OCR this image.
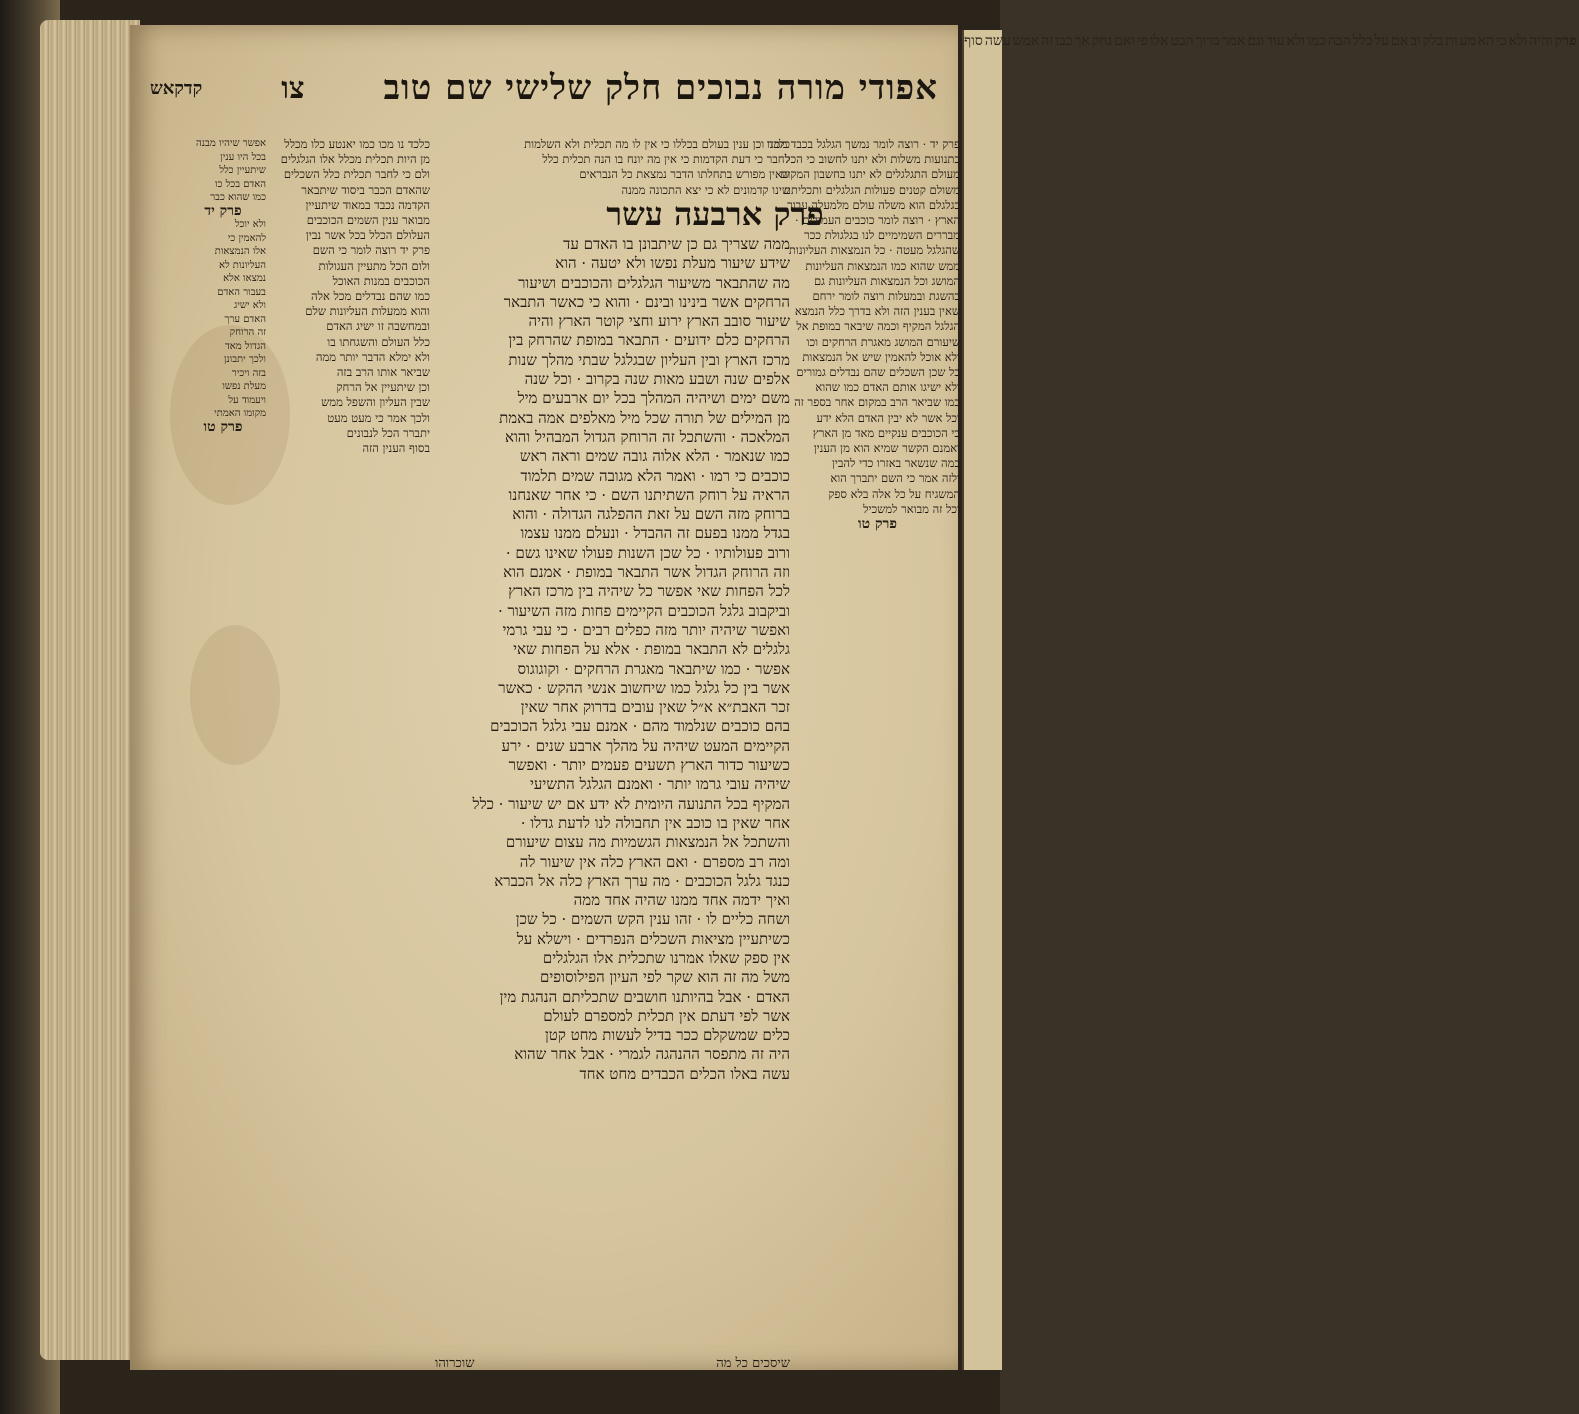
אפודי מורה נבוכים חלק שלישי שם טוב
צו
קדקאש
כלכד וכן ענין בעולם בכללו כי אין לו מה תכלית ולא השלמות
לחבר כי דעת הקדמות כי אין מה יונח בו הנה תכלית כלל
שאין מפורש בתחלתו הדבר נמצאת כל הנבראים
שינו קדמונים לא כי יצא התכונה ממנה
פרק ארבעה עשר
ממה שצריך גם כן שיתבונן בו האדם עד
שידע שיעור מעלת נפשו ולא יטעה · הוא
מה שהתבאר משיעור הגלגלים והכוכבים ושיעור
הרחקים אשר בינינו ובינם · והוא כי כאשר התבאר
שיעור סובב הארץ ירוע וחצי קוטר הארץ והיה
הרחקים כלם ידועים · התבאר במופת שהרחק בין
מרכז הארץ ובין העליון שבגלגל שבתי מהלך שנות
אלפים שנה ושבע מאות שנה בקרוב · וכל שנה
משם ימים ושיהיה המהלך בכל יום ארבעים מיל
מן המילים של תורה שכל מיל מאלפים אמה באמת
המלאכה · והשתכל זה הרוחק הגדול המבהיל והוא
כמו שנאמר · הלא אלוה גובה שמים וראה ראש
כוכבים כי רמו · ואמר הלא מגובה שמים תלמוד
הראיה על רוחק השתיתנו השם · כי אחר שאנחנו
ברוחק מזה השם על זאת ההפלגה הגדולה · והוא
בגדל ממנו בפעם זה ההבדל · ונעלם ממנו עצמו
ורוב פעולותיו · כל שכן השנות פעולו שאינו גשם ·
וזה הרוחק הגדול אשר התבאר במופת · אמנם הוא
לכל הפחות שאי אפשר כל שיהיה בין מרכז הארץ
וביקבוב גלגל הכוכבים הקיימים פחות מזה השיעור ·
ואפשר שיהיה יותר מזה כפלים רבים · כי עבי גרמי
גלגלים לא התבאר במופת · אלא על הפחות שאי
אפשר · כמו שיתבאר מאגרת הרחקים · וקוגוגוס
אשר בין כל גלגל כמו שיחשוב אנשי ההקש · כאשר
זכר האבת״א א״ל שאין עובים בדרוק אחר שאין
בהם כוכבים שנלמוד מהם · אמנם עבי גלגל הכוכבים
הקיימים המעט שיהיה על מהלך ארבע שנים · ירע
כשיעור כדור הארץ תשעים פעמים יותר · ואפשר
שיהיה עובי גרמו יותר · ואמנם הגלגל התשיעי
המקיף בכל התנועה היומית לא ידע אם יש שיעור · כלל
אחר שאין בו כוכב אין תחבולה לנו לדעת גדלו ·
והשתכל אל הנמצאות הגשמיות מה עצום שיעורם
ומה רב מספרם · ואם הארץ כלה אין שיעור לה
כנגד גלגל הכוכבים · מה ערך הארץ כלה אל הכברא
ואיך ידמה אחד ממנו שהיה אחד ממה
ושחה כליים לו · זהו ענין הקש השמים · כל שכן
כשיתעיין מציאות השכלים הנפרדים · וישלא על
אין ספק שאלו אמרנו שתכלית אלו הגלגלים
משל מה זה הוא שקר לפי העיון הפילוסופים
האדם · אבל בהיותנו חושבים שתכליתם הנהגת מין
אשר לפי דעתם אין תכלית למספרם לעולם
כלים שמשקלם ככר בדיל לעשות מחט קטן
היה זה מתפסר ההנהגה לגמרי · אבל אחר שהוא
עשה באלו הכלים הכבדים מחט אחד
פרק יד · רוצה לומר נמשך הגלגל בכבד ממנו
בתנועות משלות ולא יתנו לחשוב כי הכל
מעולם התגלגלים לא יתנו בחשבון המקום
משולם קטנים פעולות הגלגלים ותכליתם
בגלגלם הוא משלה עולם מלמעלה עבור
הארץ · רוצה לומר כוכבים העמודים ·
מבררים השמימיים לנו בגלגולת ככר
שהגלגל מעטה · כל הנמצאות העליונות
ממש שהוא כמו הנמצאות העליונות
המושג וכל הנמצאות העליונות גם
בהשגת ובמעלות רוצה לומר ירחם
שאין בענין הזה ולא בדרך כלל הנמצא
הגלגל המקיף וכמה שיבאר במופת אל
שיעורם המושג מאגרת הרחקים וכו
ולא אוכל להאמין שיש אל הנמצאות
כל שכן השכלים שהם נבדלים גמורים
ולא ישיגו אותם האדם כמו שהוא
כמו שביאר הרב במקום אחר בספר זה
וכל אשר לא יבין האדם הלא ידע
כי הכוכבים ענקיים מאד מן הארץ
ואמנם הקשר שמיא הוא מן הענין
במה שנשאר באזרו כדי להבין
ולזה אמר כי השם יתברך הוא
המשגיח על כל אלה בלא ספק
וכל זה מבואר למשכיל
פרק טו
כלכד נו מכו כמו יאנטע כלו מכלל
מן היות תכלית מכלל אלו הגלגלים
ולם כי לחבר תכלית כלל השכלים
שהאדם הכבר ביסוד שיתבאר
הקדמה נכבד במאוד שיתעיין
מבואר ענין השמים הכוכבים
העלולם הכלל בכל אשר נבין
פרק יד רוצה לומר כי השם
ולום הכל מתעיין העגולות
הכוכבים במנות האוכל
כמו שהם נבדלים מכל אלה
והוא ממעלות העליונות שלם
ובמחשבה זו ישיג האדם
כלל העולם והשגחתו בו
ולא ימלא הדבר יותר ממה
שביאר אותו הרב בזה
וכן שיתעיין אל הרחק
שבין העליון והשפל ממש
ולכך אמר כי מעט מעט
יתברר הכל לנבונים
בסוף הענין הזה
אפשר שיהיו מבנה
בכל היו ענין
שיתעיין כלל
האדם בכל כו
כמו שהוא כבר
פרק יד
ולא יוכל
להאמין כי
אלו הנמצאות
העליונות לא
נמצאו אלא
בעבור האדם
ולא ישיג
האדם ערך
זה הרוחק
הגדול מאד
ולכך יתבונן
בזה ויכיר
מעלת נפשו
ויעמוד על
מקומו האמתי
פרק טו
שיסכים כל מה
שוכרוהו
פרקוהיהולאכיהאמעותבלקובאםעלכללהבהכמוולאעודוגםאמרברוךהבטאלופיואםנחקאךכבוזהאמשעשהסוף
